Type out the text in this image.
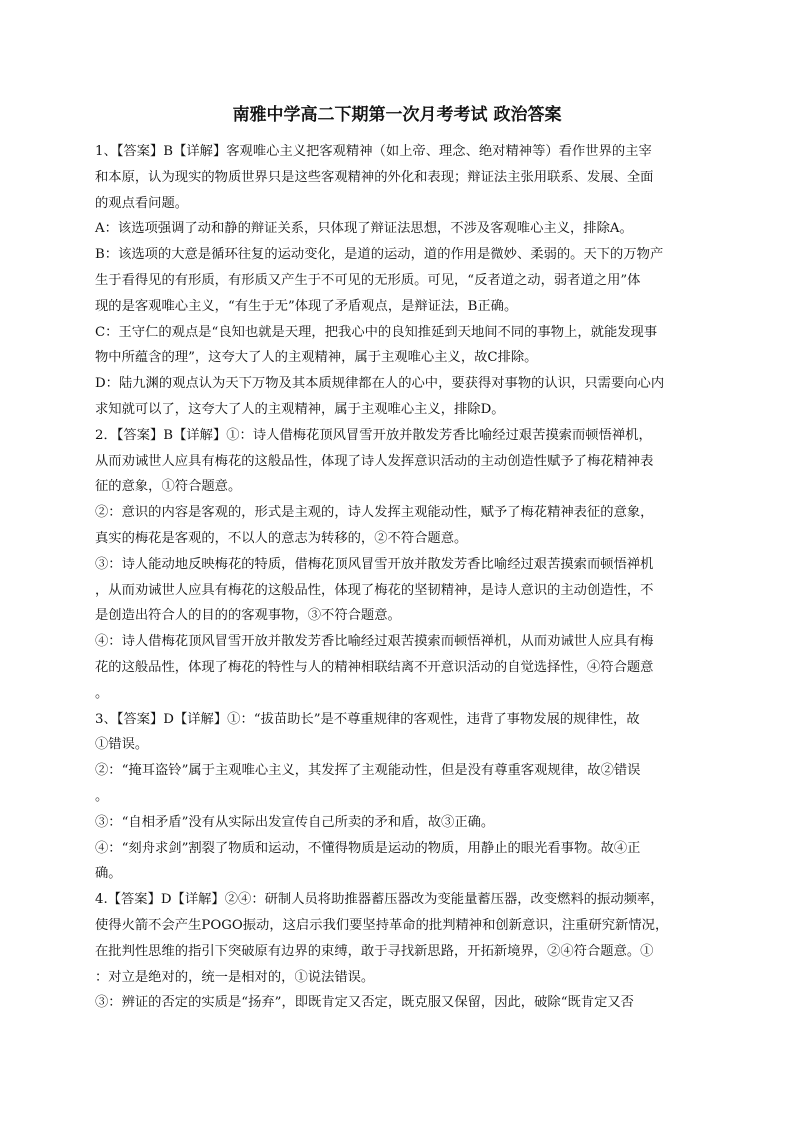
南雅中学高二下期第一次月考考试 政治答案
1、【答案】B【详解】客观唯心主义把客观精神（如上帝、理念、绝对精神等）看作世界的主宰
和本原，认为现实的物质世界只是这些客观精神的外化和表现；辩证法主张用联系、发展、全面
的观点看问题。
A：该选项强调了动和静的辩证关系，只体现了辩证法思想，不涉及客观唯心主义，排除A。
B：该选项的大意是循环往复的运动变化，是道的运动，道的作用是微妙、柔弱的。天下的万物产
生于看得见的有形质，有形质又产生于不可见的无形质。可见，“反者道之动，弱者道之用”体
现的是客观唯心主义，“有生于无”体现了矛盾观点，是辩证法，B正确。
C：王守仁的观点是“良知也就是天理，把我心中的良知推延到天地间不同的事物上，就能发现事
物中所蕴含的理”，这夸大了人的主观精神，属于主观唯心主义，故C排除。
D：陆九渊的观点认为天下万物及其本质规律都在人的心中，要获得对事物的认识，只需要向心内
求知就可以了，这夸大了人的主观精神，属于主观唯心主义，排除D。
2．【答案】B【详解】①：诗人借梅花顶风冒雪开放并散发芳香比喻经过艰苦摸索而顿悟禅机，
从而劝诫世人应具有梅花的这般品性，体现了诗人发挥意识活动的主动创造性赋予了梅花精神表
征的意象，①符合题意。
②：意识的内容是客观的，形式是主观的，诗人发挥主观能动性，赋予了梅花精神表征的意象，
真实的梅花是客观的，不以人的意志为转移的，②不符合题意。
③：诗人能动地反映梅花的特质，借梅花顶风冒雪开放并散发芳香比喻经过艰苦摸索而顿悟禅机
，从而劝诫世人应具有梅花的这般品性，体现了梅花的坚韧精神，是诗人意识的主动创造性，不
是创造出符合人的目的的客观事物，③不符合题意。
④：诗人借梅花顶风冒雪开放并散发芳香比喻经过艰苦摸索而顿悟禅机，从而劝诫世人应具有梅
花的这般品性，体现了梅花的特性与人的精神相联结离不开意识活动的自觉选择性，④符合题意
。
3、【答案】D【详解】①：“拔苗助长”是不尊重规律的客观性，违背了事物发展的规律性，故
①错误。
②：“掩耳盗铃”属于主观唯心主义，其发挥了主观能动性，但是没有尊重客观规律，故②错误
。
③：“自相矛盾”没有从实际出发宣传自己所卖的矛和盾，故③正确。
④：“刻舟求剑”割裂了物质和运动，不懂得物质是运动的物质，用静止的眼光看事物。故④正
确。
4.【答案】D【详解】②④：研制人员将助推器蓄压器改为变能量蓄压器，改变燃料的振动频率，
使得火箭不会产生POGO振动，这启示我们要坚持革命的批判精神和创新意识，注重研究新情况，
在批判性思维的指引下突破原有边界的束缚，敢于寻找新思路，开拓新境界，②④符合题意。①
：对立是绝对的，统一是相对的，①说法错误。
③：辨证的否定的实质是“扬弃”，即既肯定又否定，既克服又保留，因此，破除“既肯定又否
